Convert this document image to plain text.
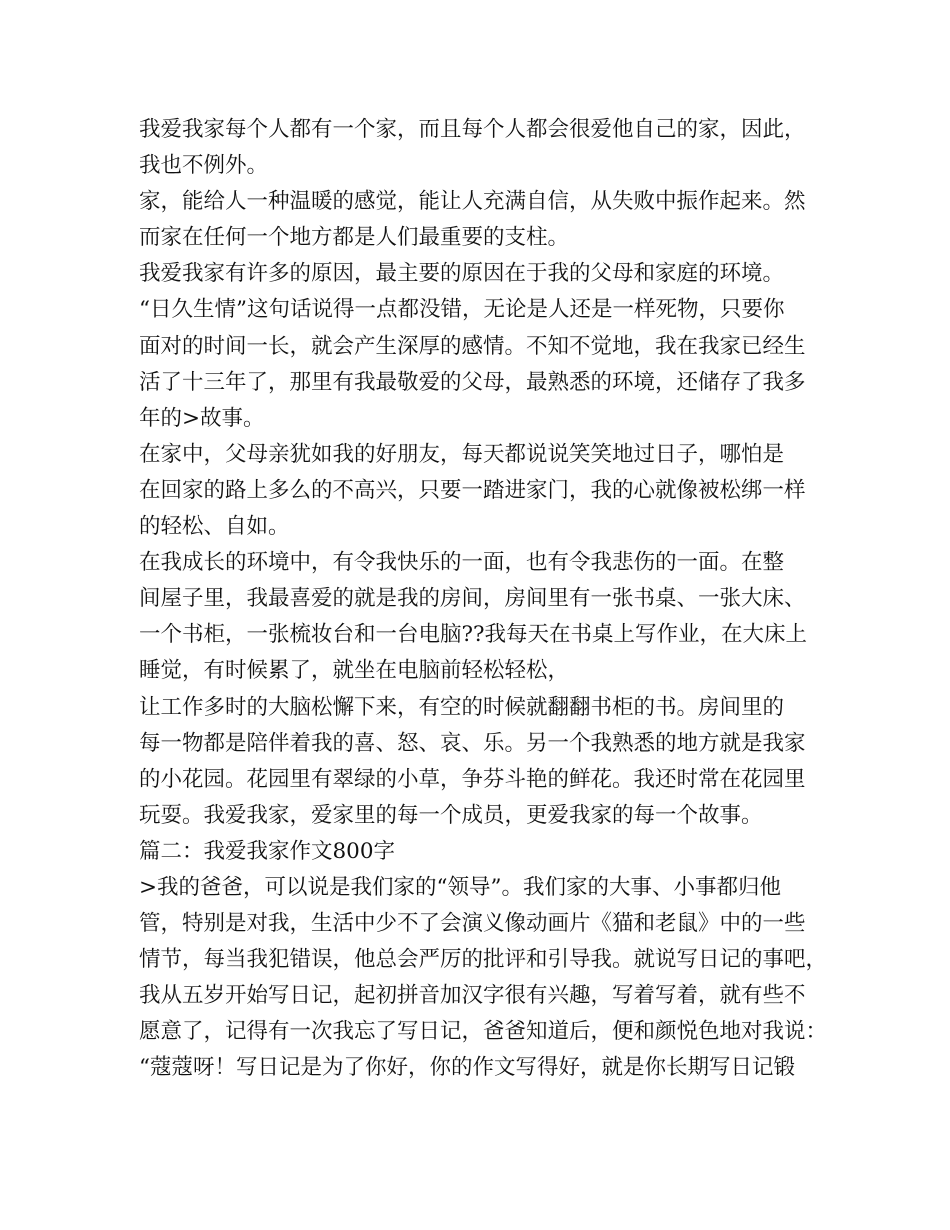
我爱我家每个人都有一个家，而且每个人都会很爱他自己的家，因此，
我也不例外。
家，能给人一种温暖的感觉，能让人充满自信，从失败中振作起来。然
而家在任何一个地方都是人们最重要的支柱。
我爱我家有许多的原因，最主要的原因在于我的父母和家庭的环境。
“日久生情”这句话说得一点都没错，无论是人还是一样死物，只要你
面对的时间一长，就会产生深厚的感情。不知不觉地，我在我家已经生
活了十三年了，那里有我最敬爱的父母，最熟悉的环境，还储存了我多
年的>故事。
在家中，父母亲犹如我的好朋友，每天都说说笑笑地过日子，哪怕是
在回家的路上多么的不高兴，只要一踏进家门，我的心就像被松绑一样
的轻松、自如。
在我成长的环境中，有令我快乐的一面，也有令我悲伤的一面。在整
间屋子里，我最喜爱的就是我的房间，房间里有一张书桌、一张大床、
一个书柜，一张梳妆台和一台电脑??我每天在书桌上写作业，在大床上
睡觉，有时候累了，就坐在电脑前轻松轻松，
让工作多时的大脑松懈下来，有空的时候就翻翻书柜的书。房间里的
每一物都是陪伴着我的喜、怒、哀、乐。另一个我熟悉的地方就是我家
的小花园。花园里有翠绿的小草，争芬斗艳的鲜花。我还时常在花园里
玩耍。我爱我家，爱家里的每一个成员，更爱我家的每一个故事。
篇二：我爱我家作文800字
>我的爸爸，可以说是我们家的“领导”。我们家的大事、小事都归他
管，特别是对我，生活中少不了会演义像动画片《猫和老鼠》中的一些
情节，每当我犯错误，他总会严厉的批评和引导我。就说写日记的事吧，
我从五岁开始写日记，起初拼音加汉字很有兴趣，写着写着，就有些不
愿意了，记得有一次我忘了写日记，爸爸知道后，便和颜悦色地对我说：
“蔻蔻呀！写日记是为了你好，你的作文写得好，就是你长期写日记锻
